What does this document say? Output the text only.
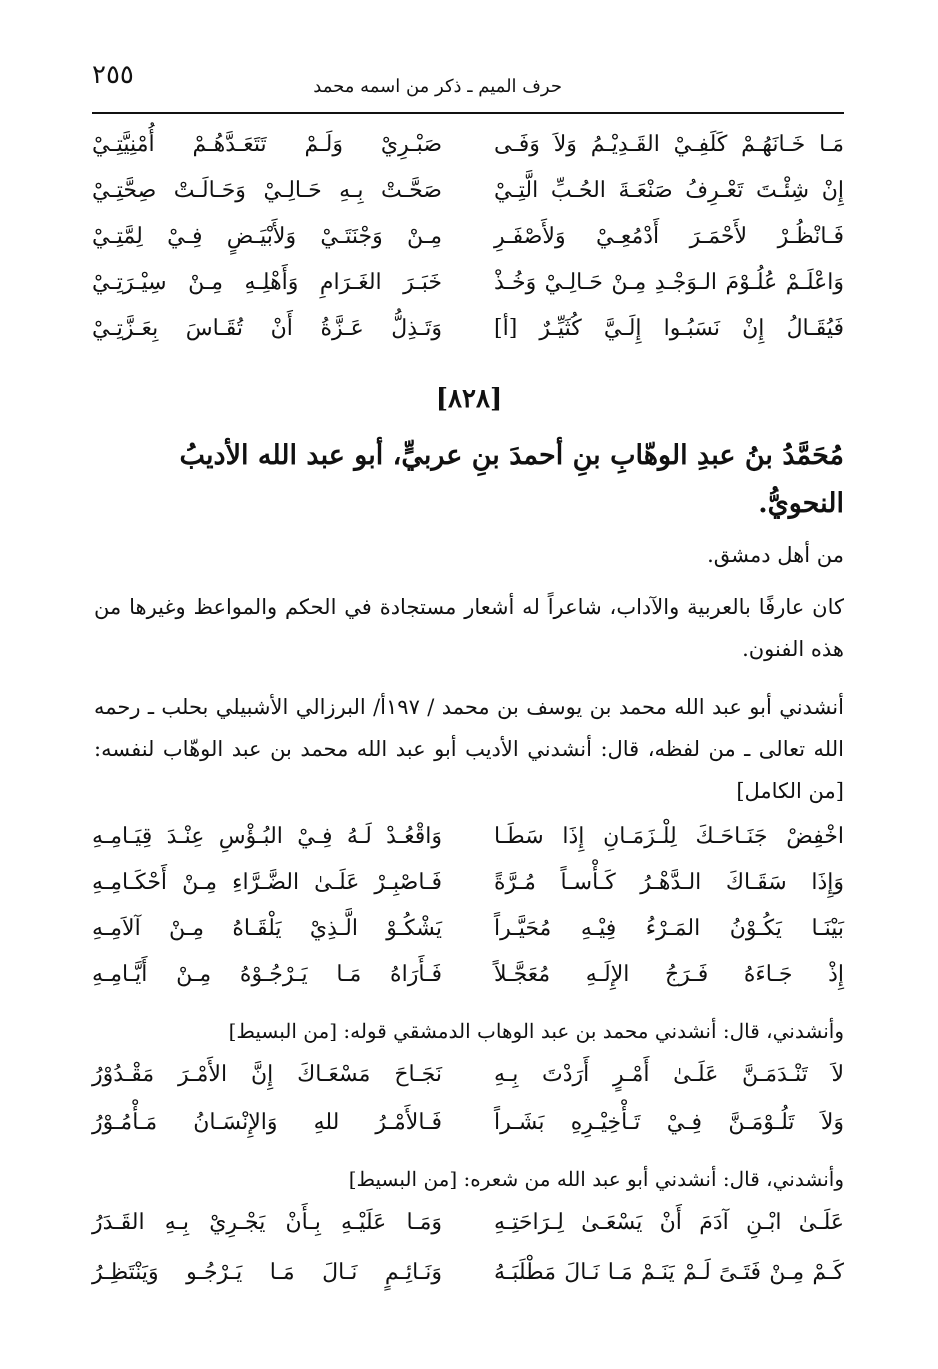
٢٥٥	حرف الميم ـ ذكر من اسمه محمد
مَـا خَـانَهُـمْ كَلَفِـيْ القَـدِيْـمُ وَلاَ وَفَـى
صَبْـرِيْ وَلَـمْ تَتَعَـدَّهُـمْ أُمْنِيَّتِـيْ
إِنْ شِئْـتَ تَعْـرِفُ صَنْعَـةَ الحُـبِّ الَّتِـيْ
صَحَّـتْ بِـهِ حَـالِـيْ وَحَـالَـتْ صِحَّتِـيْ
فَـانْظُـرْ لأَحْمَـرَ أَدْمُعِـيْ وَلأَصْفَـرِ
مِـنْ وَجْنَتَـيْ وَلأَبْيَـضٍ فِـيْ لِمَّتِـيْ
وَاعْلَـمْ عُلُـوْمَ الـوَجْـدِ مِـنْ حَـالِـيْ وَخُـذْ
خَبَـرَ الغَـرَامِ وَأَهْلِـهِ مِـنْ سِيْـرَتِـيْ
فَيُقَـالُ إِنْ نَسَبُـوا إِلَـيَّ كُثَيِّـرٌ [أ]
وَتَـذِلُّ عَـزَّةُ أَنْ تُقَـاسَ بِعَـزَّتِـيْ
[٨٢٨]
مُحَمَّدُ بنُ عبدِ الوهّابِ بنِ أحمدَ بنِ عربيٍّ، أبو عبد الله الأديبُ النحويُّ.
من أهل دمشق.
كان عارفًا بالعربية والآداب، شاعراً له أشعار مستجادة في الحكم والمواعظ وغيرها من هذه الفنون.
أنشدني أبو عبد الله محمد بن يوسف بن محمد / ١٩٧أ/ البرزالي الأشبيلي بحلب ـ رحمه الله تعالى ـ من لفظه، قال: أنشدني الأديب أبو عبد الله محمد بن عبد الوهّاب لنفسه: [من الكامل]
اخْفِضْ جَنَـاحَـكَ لِلْـزَمَـانِ إِذَا سَطَـا
وَاقْعُـدْ لَـهُ فِـيْ البُـؤْسِ عِنْـدَ قِيَـامِـهِ
وَإِذَا سَقَـاكَ الـدَّهْـرُ كَـأْسـاً مُـرَّةً
فَـاصْبِـرْ عَلَـىٰ الضَّـرَّاءِ مِـنْ أَحْكَـامِـهِ
بَيْنَـا يَكُـوْنُ المَـرْءُ فِيْـهِ مُحَيَّـراً
يَشْكُـوْ الَّـذِيْ يَلْقَـاهُ مِـنْ آلاَمِـهِ
إِذْ جَـاءَهُ فَـرَجُ الإِلَـهِ مُعَجَّـلاً
فَـأَرَاهُ مَـا يَـرْجُـوْهُ مِـنْ أَيَّـامِـهِ
وأنشدني، قال: أنشدني محمد بن عبد الوهاب الدمشقي قوله: [من البسيط]
لاَ تَنْـدَمَـنَّ عَلَـىٰ أَمْـرٍ أَرَدْتَ بِـهِ
نَجَـاحَ مَسْعَـاكَ إِنَّ الأَمْـرَ مَقْـدُوْرُ
وَلاَ تَلُـوْمَـنَّ فِـيْ تَـأْخِيْـرِهِ بَشَـراً
فَـالأَمْـرُ للهِ وَالإِنْسَـانُ مَـأْمُـوْرُ
وأنشدني، قال: أنشدني أبو عبد الله من شعره: [من البسيط]
عَلَـىٰ ابْـنِ آدَمَ أَنْ يَسْعَـىٰ لِـرَاحَتِـهِ
وَمَـا عَلَيْـهِ بِـأَنْ يَجْـرِيْ بِـهِ القَـدَرُ
كَـمْ مِـنْ فَتَـىً لَـمْ يَنَـمْ مَـا نَـالَ مَطْلَبَـهُ
وَنَـائِـمٍ نَـالَ مَـا يَـرْجُـو وَيَنْتَظِـرُ
